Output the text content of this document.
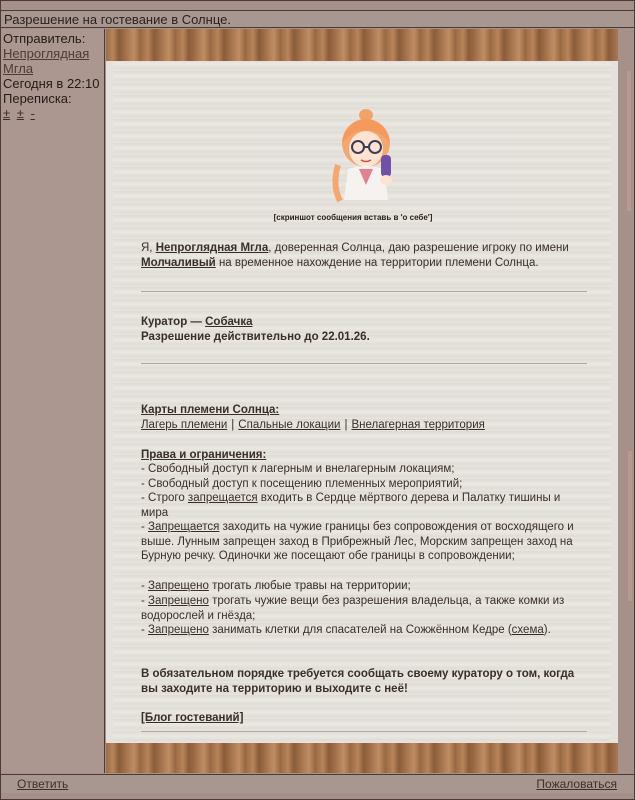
Разрешение на гостевание в Солнце.
Отправитель:
Непроглядная Мгла
Сегодня в 22:10
Переписка:
± ± -
[скриншот сообщения вставь в 'о себе']
Я, Непроглядная Мгла, доверенная Солнца, даю разрешение игроку по имени Молчаливый на временное нахождение на территории племени Солнца.
Куратор — Собачка
Разрешение действительно до 22.01.26.
Карты племени Солнца:
Лагерь племени | Спальные локации | Внелагерная территория
Права и ограничения:
- Свободный доступ к лагерным и внелагерным локациям;
- Свободный доступ к посещению племенных мероприятий;
- Строго запрещается входить в Сердце мёртвого дерева и Палатку тишины и мира
- Запрещается заходить на чужие границы без сопровождения от восходящего и выше. Лунным запрещен заход в Прибрежный Лес, Морским запрещен заход на Бурную речку. Одиночки же посещают обе границы в сопровождении;
- Запрещено трогать любые травы на территории;
- Запрещено трогать чужие вещи без разрешения владельца, а также комки из водорослей и гнёзда;
- Запрещено занимать клетки для спасателей на Сожжённом Кедре (схема).
В обязательном порядке требуется сообщать своему куратору о том, когда вы заходите на территорию и выходите с неё!
[Блог гостеваний]
Ответить	Пожаловаться
